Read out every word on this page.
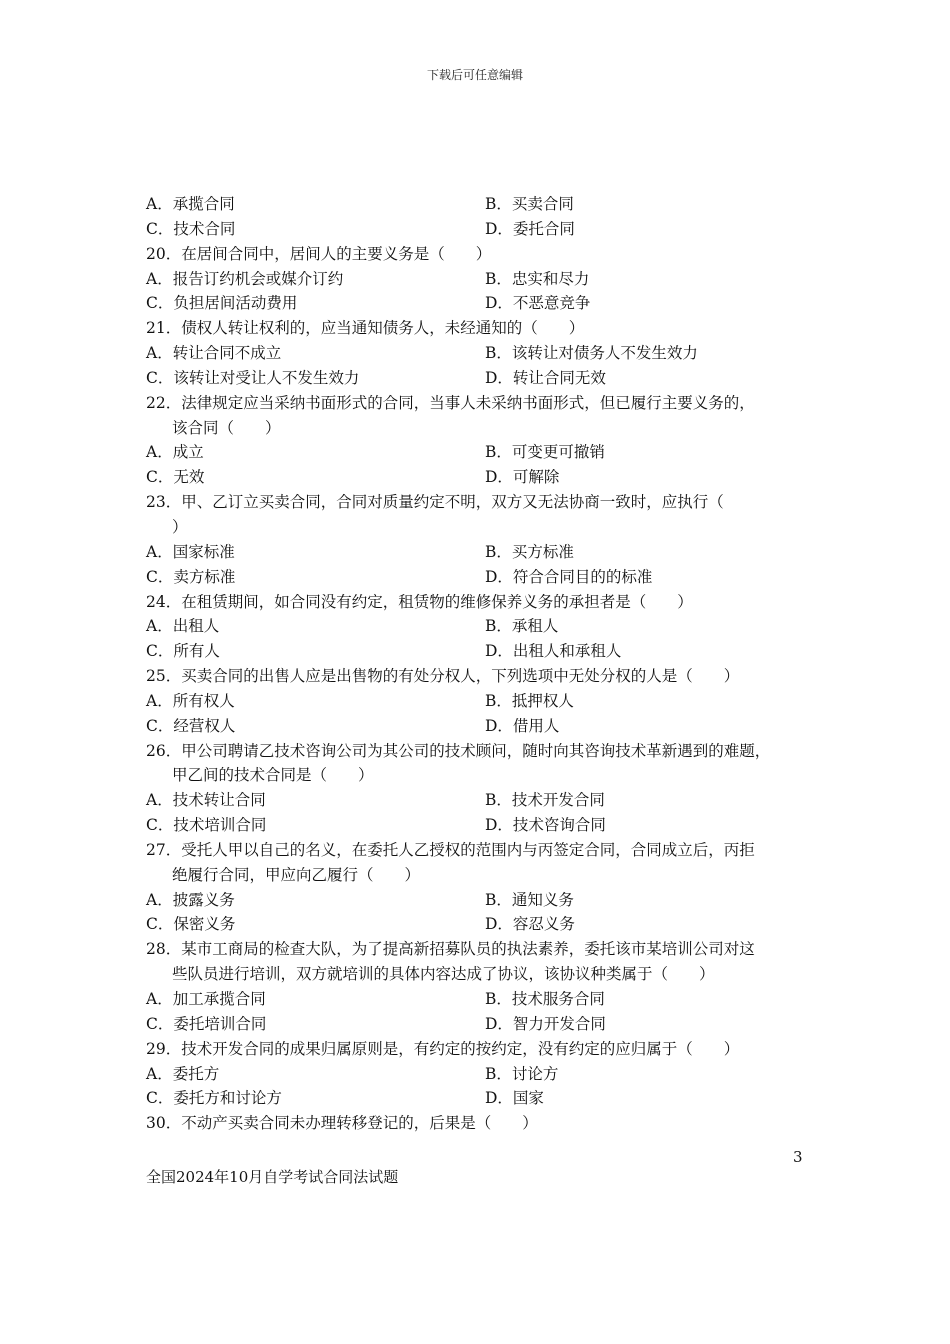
下载后可任意编辑
A．承揽合同	B．买卖合同
C．技术合同	D．委托合同
20．在居间合同中，居间人的主要义务是（　　）
A．报告订约机会或媒介订约	B．忠实和尽力
C．负担居间活动费用	D．不恶意竞争
21．债权人转让权利的，应当通知债务人，未经通知的（　　）
A．转让合同不成立	B．该转让对债务人不发生效力
C．该转让对受让人不发生效力	D．转让合同无效
22．法律规定应当采纳书面形式的合同，当事人未采纳书面形式，但已履行主要义务的，
该合同（　　）
A．成立	B．可变更可撤销
C．无效	D．可解除
23．甲、乙订立买卖合同，合同对质量约定不明，双方又无法协商一致时，应执行（
）
A．国家标准	B．买方标准
C．卖方标准	D．符合合同目的的标准
24．在租赁期间，如合同没有约定，租赁物的维修保养义务的承担者是（　　）
A．出租人	B．承租人
C．所有人	D．出租人和承租人
25．买卖合同的出售人应是出售物的有处分权人，下列选项中无处分权的人是（　　）
A．所有权人	B．抵押权人
C．经营权人	D．借用人
26．甲公司聘请乙技术咨询公司为其公司的技术顾问，随时向其咨询技术革新遇到的难题，
甲乙间的技术合同是（　　）
A．技术转让合同	B．技术开发合同
C．技术培训合同	D．技术咨询合同
27．受托人甲以自己的名义，在委托人乙授权的范围内与丙签定合同，合同成立后，丙拒
绝履行合同，甲应向乙履行（　　）
A．披露义务	B．通知义务
C．保密义务	D．容忍义务
28．某市工商局的检查大队，为了提高新招募队员的执法素养，委托该市某培训公司对这
些队员进行培训，双方就培训的具体内容达成了协议，该协议种类属于（　　）
A．加工承揽合同	B．技术服务合同
C．委托培训合同	D．智力开发合同
29．技术开发合同的成果归属原则是，有约定的按约定，没有约定的应归属于（　　）
A．委托方	B．讨论方
C．委托方和讨论方	D．国家
30．不动产买卖合同未办理转移登记的，后果是（　　）
3
全国2024年10月自学考试合同法试题
